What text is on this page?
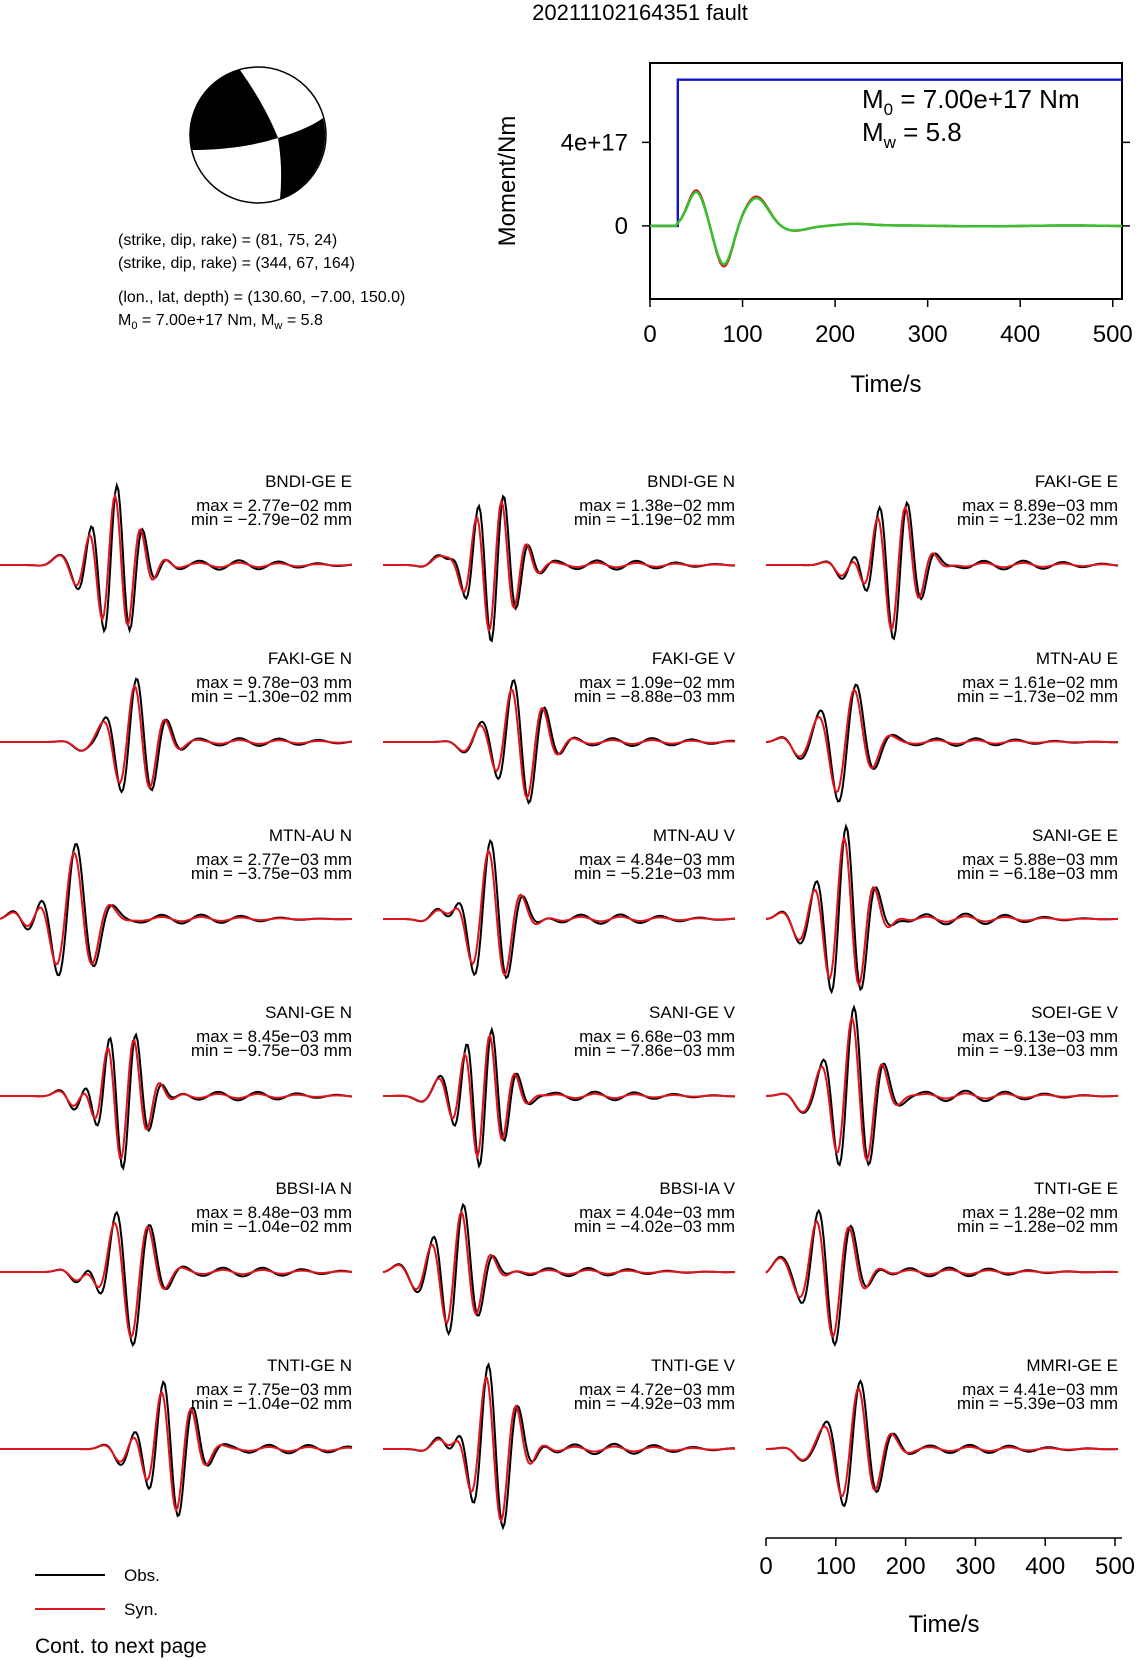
20211102164351 fault
(strike, dip, rake) = (81, 75, 24)
(strike, dip, rake) = (344, 67, 164)
(lon., lat, depth) = (130.60, −7.00, 150.0)
$M_0 = 7.00e+17$ Nm, $M_w = 5.8$
Moment/Nm
Time/s
$M_0 = 7.00e+17$ Nm
$M_w = 5.8$
0	100 200 300 400 500
0
4e+17
BNDI-GE E
max = 2.77e−02 mm
min = −2.79e−02 mm
BNDI-GE N
max = 1.38e−02 mm
min = −1.19e−02 mm
FAKI-GE E
max = 8.89e−03 mm
min = −1.23e−02 mm
FAKI-GE N
max = 9.78e−03 mm
min = −1.30e−02 mm
FAKI-GE V
max = 1.09e−02 mm
min = −8.88e−03 mm
MTN-AU E
max = 1.61e−02 mm
min = −1.73e−02 mm
MTN-AU N
max = 2.77e−03 mm
min = −3.75e−03 mm
MTN-AU V
max = 4.84e−03 mm
min = −5.21e−03 mm
SANI-GE E
max = 5.88e−03 mm
min = −6.18e−03 mm
SANI-GE N
max = 8.45e−03 mm
min = −9.75e−03 mm
SANI-GE V
max = 6.68e−03 mm
min = −7.86e−03 mm
SOEI-GE V
max = 6.13e−03 mm
min = −9.13e−03 mm
BBSI-IA N
max = 8.48e−03 mm
min = −1.04e−02 mm
BBSI-IA V
max = 4.04e−03 mm
min = −4.02e−03 mm
TNTI-GE E
max = 1.28e−02 mm
min = −1.28e−02 mm
TNTI-GE N
max = 7.75e−03 mm
min = −1.04e−02 mm
TNTI-GE V
max = 4.72e−03 mm
min = −4.92e−03 mm
MMRI-GE E
max = 4.41e−03 mm
min = −5.39e−03 mm
Time/s
0 100 200 300 400 500
Obs.
Syn.
Cont. to next page
